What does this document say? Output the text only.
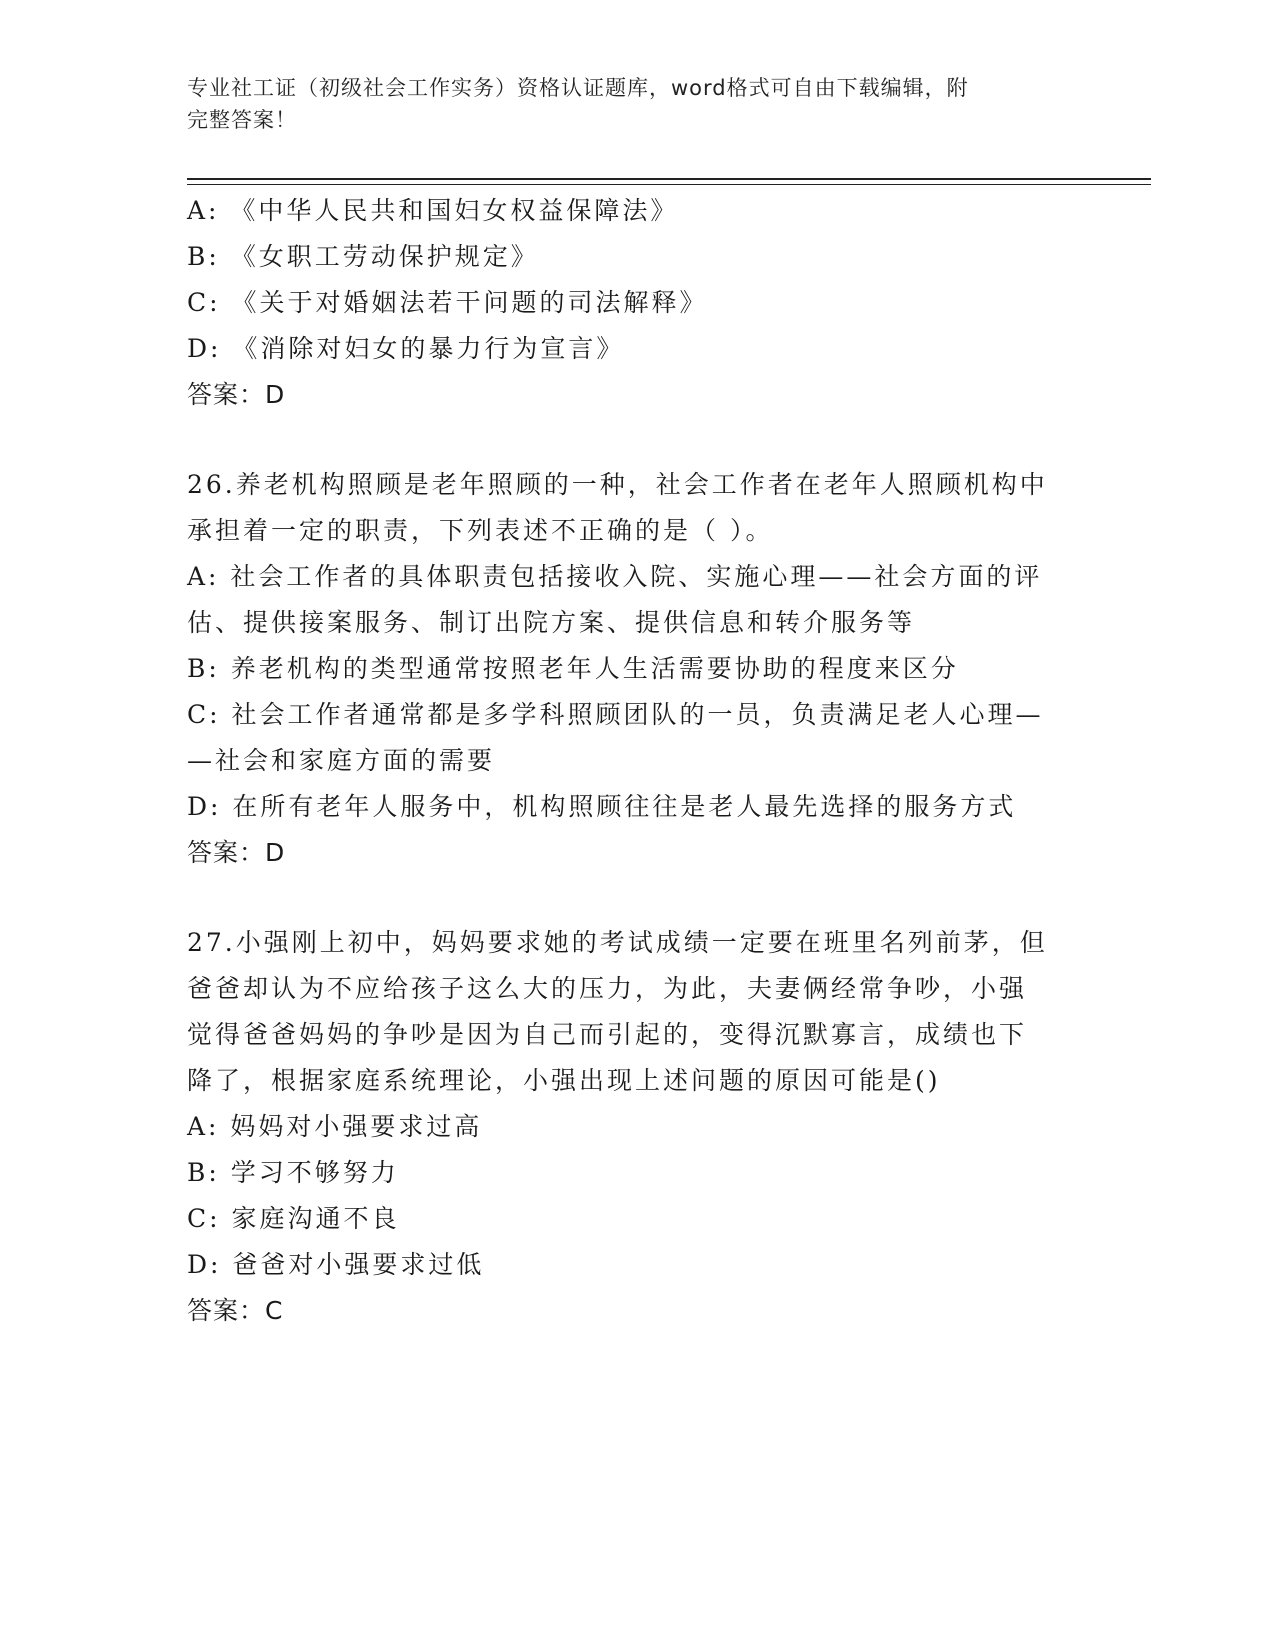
专业社工证（初级社会工作实务）资格认证题库，word格式可自由下载编辑，附
完整答案！
A: 《中华人民共和国妇女权益保障法》
B: 《女职工劳动保护规定》
C: 《关于对婚姻法若干问题的司法解释》
D: 《消除对妇女的暴力行为宣言》
答案：D
26.养老机构照顾是老年照顾的一种，社会工作者在老年人照顾机构中
承担着一定的职责，下列表述不正确的是（ ）。
A: 社会工作者的具体职责包括接收入院、实施心理——社会方面的评
估、提供接案服务、制订出院方案、提供信息和转介服务等
B: 养老机构的类型通常按照老年人生活需要协助的程度来区分
C: 社会工作者通常都是多学科照顾团队的一员，负责满足老人心理—
—社会和家庭方面的需要
D: 在所有老年人服务中，机构照顾往往是老人最先选择的服务方式
答案：D
27.小强刚上初中，妈妈要求她的考试成绩一定要在班里名列前茅，但
爸爸却认为不应给孩子这么大的压力，为此，夫妻俩经常争吵，小强
觉得爸爸妈妈的争吵是因为自己而引起的，变得沉默寡言，成绩也下
降了，根据家庭系统理论，小强出现上述问题的原因可能是()
A: 妈妈对小强要求过高
B: 学习不够努力
C: 家庭沟通不良
D: 爸爸对小强要求过低
答案：C
